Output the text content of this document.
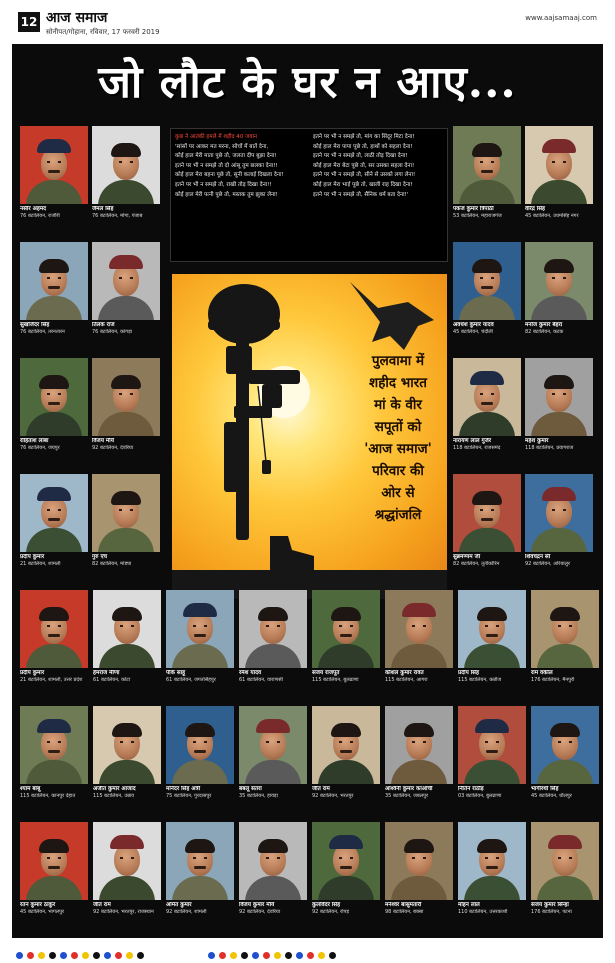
12 आज समाज
सोनीपत/गोहाना, रविवार, 17 फरवरी 2019
www.aajsamaaj.com
जो लौट के घर न आए...
कुछ ने आतंकी हमले में शहीद 40 जवान
'सांसों पर आकर मत मरना, सोचों में बातें देना,
कोई हाल मेरी माता पूछे तो, जलता दीप बुझा देना!
इतने पर भी न समझे तो दो आंसू तुम छलका देना!!
कोई हाल मेरा बहना पूछे तो, सूनी कलाई दिखला देना!
इतने पर भी न समझे तो, राखी तोड़ दिखा देना!!
कोई हाल मेरी पत्नी पूछे तो, मस्तक तुम झुका लेना!
इतने पर भी न समझे तो, मांग का सिंदूर मिटा देना!
कोई हाल मेरा पापा पूछे तो, हाथों को सहला देना!
इतने पर भी न समझे तो, लाठी तोड़ दिखा देना!
कोई हाल मेरा बेटा पूछे तो, सर उसका सहला देना!
इतने पर भी न समझे तो, सीने से उसको लगा लेना!
कोई हाल मेरा भाई पूछे तो, खाली राह दिखा देना!
इतने पर भी न समझे तो, सैनिक धर्म बता देना!'
पुलवामा में
शहीद भारत
मां के वीर
सपूतों को
'आज समाज'
परिवार की
ओर से
श्रद्धांजलि
नसीर अहमद
76 बटालियन, राजौरी
जैमल सिंह
76 बटालियन, मोगा, पंजाब
सुखजिंदर सिंह
76 बटालियन, तरनतारन
तिलक राज
76 बटालियन, कांगड़ा
रोहिताश लांबा
76 बटालियन, जयपुर
विजय मौर्य
92 बटालियन, देवरिया
प्रदीप कुमार
21 बटालियन, शामली
गुरु एच
82 बटालियन, मांड्या
पंकज कुमार त्रिपाठी
53 बटालियन, महाराजगंज
वीरेंद्र सिंह
45 बटालियन, उधमसिंह नगर
अवधेश कुमार यादव
45 बटालियन, चंदौली
मनोज कुमार बेहरा
82 बटालियन, कटक
नारायण लाल गुर्जर
118 बटालियन, राजसमंद
महेश कुमार
118 बटालियन, प्रयागराज
सुब्रमण्यम जी
82 बटालियन, तूतीकोरिन
शिवचंद्रन सी
92 बटालियन, अरियालुर
प्रदीप कुमार
21 बटालियन, शामली, उत्तर प्रदेश
हेमराज मीणा
61 बटालियन, कोटा
पीके साहू
61 बटालियन, जगतसिंहपुर
रमेश यादव
61 बटालियन, वाराणसी
संजय राजपूत
115 बटालियन, बुलढाणा
कौशल कुमार रावत
115 बटालियन, आगरा
प्रदीप सिंह
115 बटालियन, कन्नौज
राम वकील
176 बटालियन, मैनपुरी
श्याम बाबू
115 बटालियन, कानपुर देहात
अजीत कुमार आजाद
115 बटालियन, उन्नाव
मनिंदर सिंह अत्री
75 बटालियन, गुरदासपुर
बबलू संतरा
35 बटालियन, हावड़ा
जीत राम
92 बटालियन, भरतपुर
अश्विनी कुमार काओची
35 बटालियन, जबलपुर
नितिन राठौड़
03 बटालियन, बुलढाणा
भागीरथी सिंह
45 बटालियन, धौलपुर
रतन कुमार ठाकुर
45 बटालियन, भागलपुर
जीत राम
92 बटालियन, भरतपुर, राजस्थान
अमित कुमार
92 बटालियन, शामली
विजय कुमार मौर्य
92 बटालियन, देवरिया
कुलविंदर सिंह
92 बटालियन, रोपड़
मनेश्वर बासुमतारी
98 बटालियन, बक्सा
मोहन लाल
110 बटालियन, उत्तरकाशी
संजय कुमार सिन्हा
176 बटालियन, पटना
